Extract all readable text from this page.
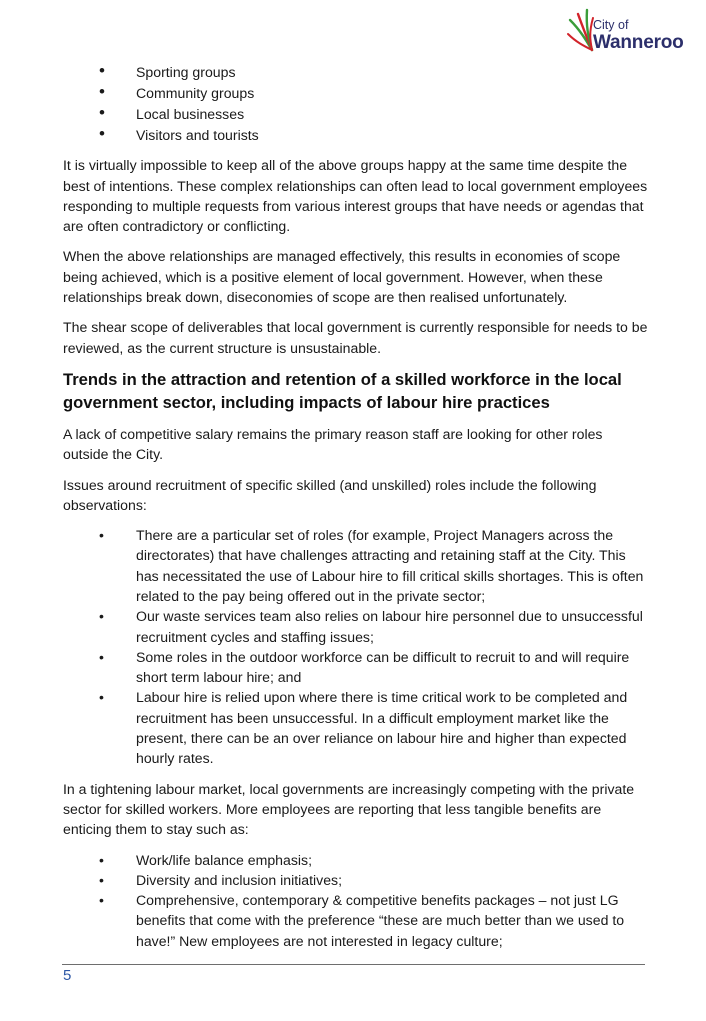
City of
Wanneroo
• Sporting groups
• Community groups
• Local businesses
• Visitors and tourists

It is virtually impossible to keep all of the above groups happy at the same time despite the best of intentions. These complex relationships can often lead to local government employees responding to multiple requests from various interest groups that have needs or agendas that are often contradictory or conflicting.

When the above relationships are managed effectively, this results in economies of scope being achieved, which is a positive element of local government. However, when these relationships break down, diseconomies of scope are then realised unfortunately.

The shear scope of deliverables that local government is currently responsible for needs to be reviewed, as the current structure is unsustainable.

Trends in the attraction and retention of a skilled workforce in the local government sector, including impacts of labour hire practices

A lack of competitive salary remains the primary reason staff are looking for other roles outside the City.

Issues around recruitment of specific skilled (and unskilled) roles include the following observations:

• There are a particular set of roles (for example, Project Managers across the directorates) that have challenges attracting and retaining staff at the City. This has necessitated the use of Labour hire to fill critical skills shortages. This is often related to the pay being offered out in the private sector;
• Our waste services team also relies on labour hire personnel due to unsuccessful recruitment cycles and staffing issues;
• Some roles in the outdoor workforce can be difficult to recruit to and will require short term labour hire; and
• Labour hire is relied upon where there is time critical work to be completed and recruitment has been unsuccessful. In a difficult employment market like the present, there can be an over reliance on labour hire and higher than expected hourly rates.

In a tightening labour market, local governments are increasingly competing with the private sector for skilled workers. More employees are reporting that less tangible benefits are enticing them to stay such as:

• Work/life balance emphasis;
• Diversity and inclusion initiatives;
• Comprehensive, contemporary & competitive benefits packages – not just LG benefits that come with the preference “these are much better than we used to have!” New employees are not interested in legacy culture;
5
